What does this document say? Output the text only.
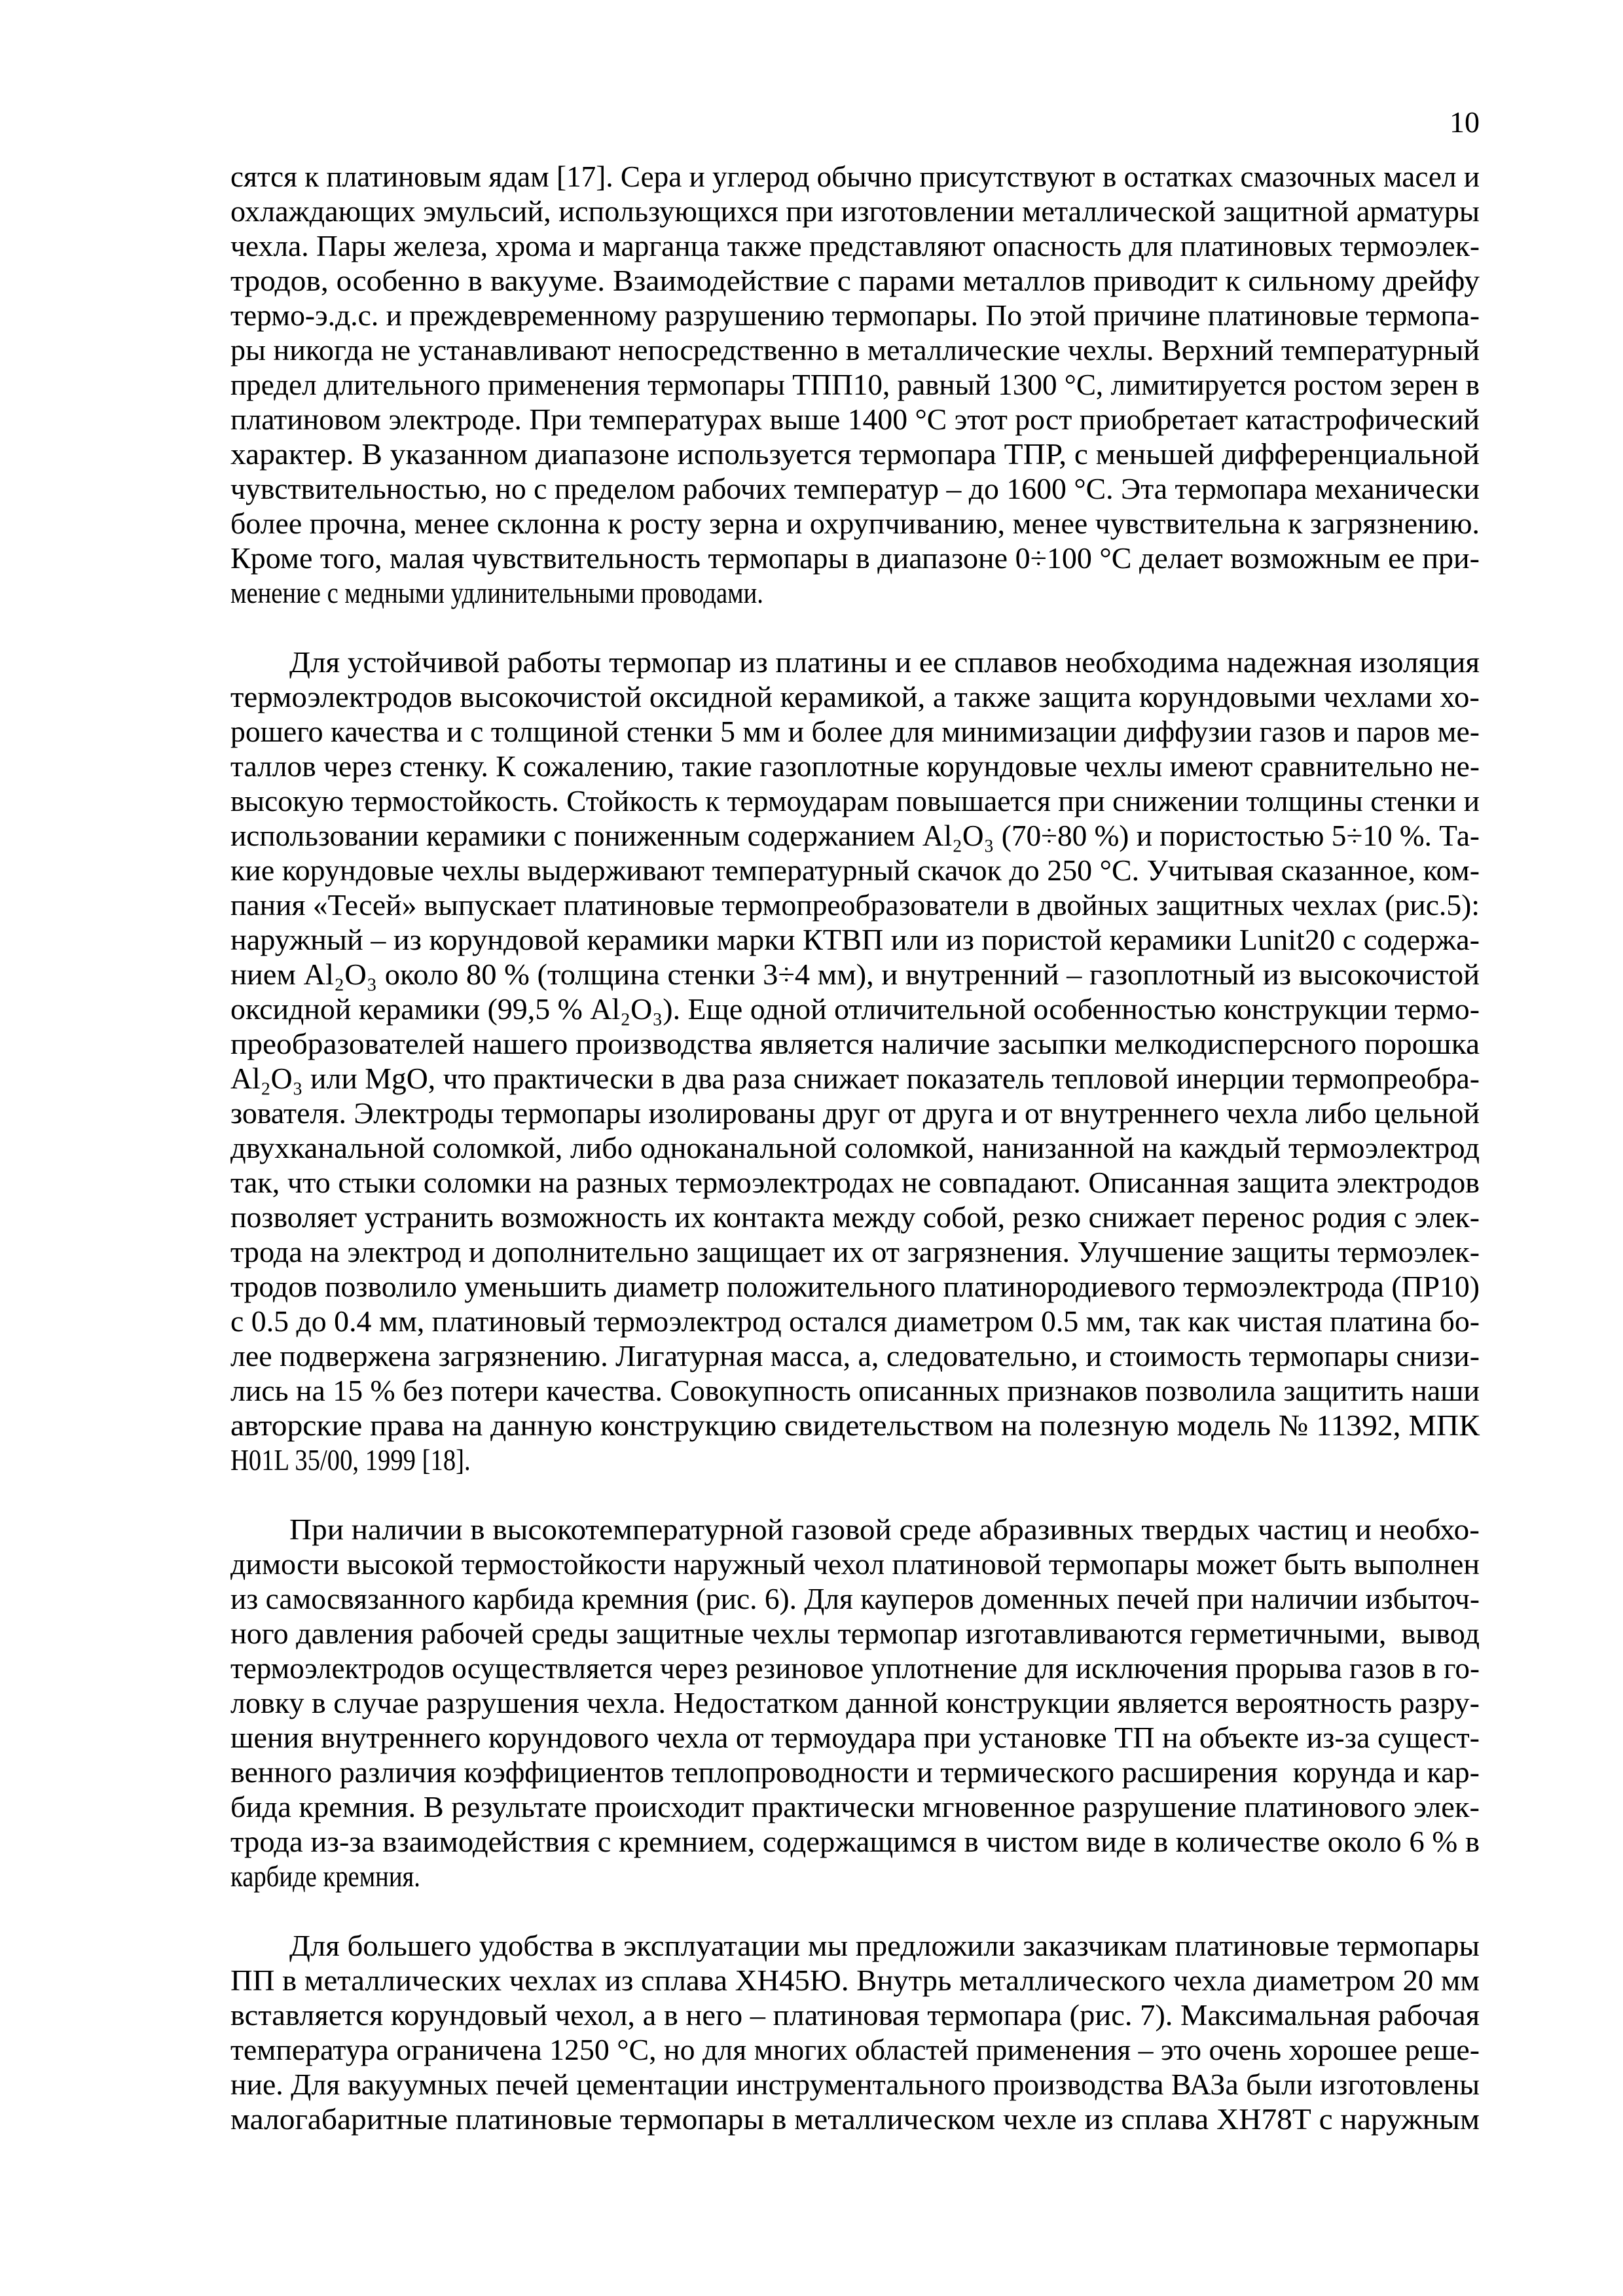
10
сятся к платиновым ядам [17]. Сера и углерод обычно присутствуют в остатках смазочных масел и
охлаждающих эмульсий, использующихся при изготовлении металлической защитной арматуры
чехла. Пары железа, хрома и марганца также представляют опасность для платиновых термоэлек-
тродов, особенно в вакууме. Взаимодействие с парами металлов приводит к сильному дрейфу
термо-э.д.с. и преждевременному разрушению термопары. По этой причине платиновые термопа-
ры никогда не устанавливают непосредственно в металлические чехлы. Верхний температурный
предел длительного применения термопары ТПП10, равный 1300 °С, лимитируется ростом зерен в
платиновом электроде. При температурах выше 1400 °С этот рост приобретает катастрофический
характер. В указанном диапазоне используется термопара ТПР, с меньшей дифференциальной
чувствительностью, но с пределом рабочих температур – до 1600 °С. Эта термопара механически
более прочна, менее склонна к росту зерна и охрупчиванию, менее чувствительна к загрязнению.
Кроме того, малая чувствительность термопары в диапазоне 0÷100 °С делает возможным ее при-
менение с медными удлинительными проводами.
Для устойчивой работы термопар из платины и ее сплавов необходима надежная изоляция
термоэлектродов высокочистой оксидной керамикой, а также защита корундовыми чехлами хо-
рошего качества и с толщиной стенки 5 мм и более для минимизации диффузии газов и паров ме-
таллов через стенку. К сожалению, такие газоплотные корундовые чехлы имеют сравнительно не-
высокую термостойкость. Стойкость к термоударам повышается при снижении толщины стенки и
использовании керамики с пониженным содержанием Al₂O₃ (70÷80 %) и пористостью 5÷10 %. Та-
кие корундовые чехлы выдерживают температурный скачок до 250 °С. Учитывая сказанное, ком-
пания «Тесей» выпускает платиновые термопреобразователи в двойных защитных чехлах (рис.5):
наружный – из корундовой керамики марки КТВП или из пористой керамики Lunit20 с содержа-
нием Al₂O₃ около 80 % (толщина стенки 3÷4 мм), и внутренний – газоплотный из высокочистой
оксидной керамики (99,5 % Al₂O₃). Еще одной отличительной особенностью конструкции термо-
преобразователей нашего производства является наличие засыпки мелкодисперсного порошка
Al₂O₃ или MgO, что практически в два раза снижает показатель тепловой инерции термопреобра-
зователя. Электроды термопары изолированы друг от друга и от внутреннего чехла либо цельной
двухканальной соломкой, либо одноканальной соломкой, нанизанной на каждый термоэлектрод
так, что стыки соломки на разных термоэлектродах не совпадают. Описанная защита электродов
позволяет устранить возможность их контакта между собой, резко снижает перенос родия с элек-
трода на электрод и дополнительно защищает их от загрязнения. Улучшение защиты термоэлек-
тродов позволило уменьшить диаметр положительного платинородиевого термоэлектрода (ПР10)
с 0.5 до 0.4 мм, платиновый термоэлектрод остался диаметром 0.5 мм, так как чистая платина бо-
лее подвержена загрязнению. Лигатурная масса, а, следовательно, и стоимость термопары снизи-
лись на 15 % без потери качества. Совокупность описанных признаков позволила защитить наши
авторские права на данную конструкцию свидетельством на полезную модель № 11392, МПК
H01L 35/00, 1999 [18].
При наличии в высокотемпературной газовой среде абразивных твердых частиц и необхо-
димости высокой термостойкости наружный чехол платиновой термопары может быть выполнен
из самосвязанного карбида кремния (рис. 6). Для кауперов доменных печей при наличии избыточ-
ного давления рабочей среды защитные чехлы термопар изготавливаются герметичными,  вывод
термоэлектродов осуществляется через резиновое уплотнение для исключения прорыва газов в го-
ловку в случае разрушения чехла. Недостатком данной конструкции является вероятность разру-
шения внутреннего корундового чехла от термоудара при установке ТП на объекте из-за сущест-
венного различия коэффициентов теплопроводности и термического расширения  корунда и кар-
бида кремния. В результате происходит практически мгновенное разрушение платинового элек-
трода из-за взаимодействия с кремнием, содержащимся в чистом виде в количестве около 6 % в
карбиде кремния.
Для большего удобства в эксплуатации мы предложили заказчикам платиновые термопары
ПП в металлических чехлах из сплава ХН45Ю. Внутрь металлического чехла диаметром 20 мм
вставляется корундовый чехол, а в него – платиновая термопара (рис. 7). Максимальная рабочая
температура ограничена 1250 °С, но для многих областей применения – это очень хорошее реше-
ние. Для вакуумных печей цементации инструментального производства ВАЗа были изготовлены
малогабаритные платиновые термопары в металлическом чехле из сплава ХН78Т с наружным
